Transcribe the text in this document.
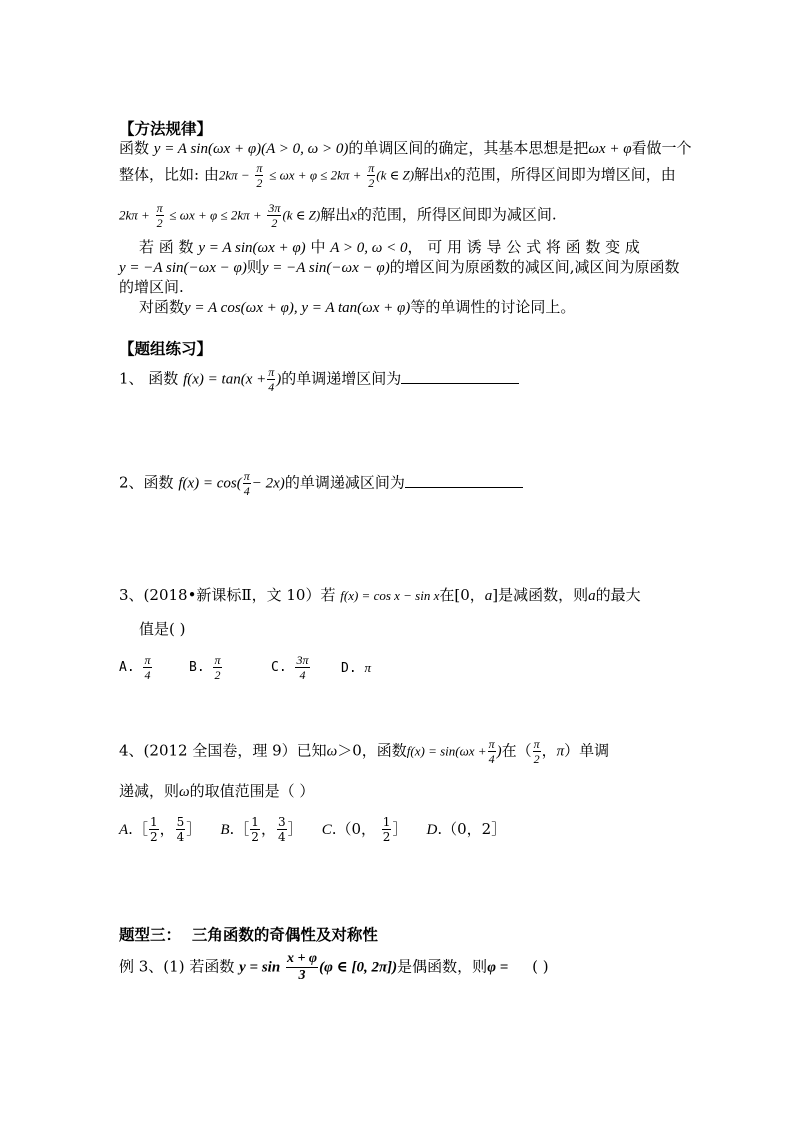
【方法规律】
函数 y = A sin(ωx + φ)(A > 0, ω > 0)的单调区间的确定，其基本思想是把ωx + φ看做一个
整体，比如: 由$2k\pi - \frac{\pi}{2} \le \omega x + \varphi \le 2k\pi + \frac{\pi}{2} (k$ ∈ Z)解出x的范围，所得区间即为增区间，由
$2k\pi + \frac{\pi}{2} \le \omega x + \varphi \le 2k\pi + \frac{3\pi}{2} (k$ ∈ Z)解出x的范围，所得区间即为减区间.
若 函 数 y = A sin(ωx + φ) 中 A > 0, ω < 0， 可 用 诱 导 公 式 将 函 数 变 成
y = −A sin(−ωx − φ)则y = −A sin(−ωx − φ)的增区间为原函数的减区间,减区间为原函数
的增区间.
对函数y = A cos(ωx + φ), y = A tan(ωx + φ)等的单调性的讨论同上。
【题组练习】
1、 函数 $f(x) = \tan(x + \frac{\pi}{4}$ )的单调递增区间为
2、函数 $f(x) = \cos( \frac{\pi}{4} - 2x)$的单调递减区间为
3、(2018•新课标Ⅱ，文 10）若 f(x) = cos x − sin x在[0，a]是减函数，则a的最大
值是( )
A. $\frac{\pi}{4}$	B. $\frac{\pi}{2}$	C. $\frac{3\pi}{4} D$. π
4、(2012 全国卷，理 9）已知ω＞0，函数$f(x) = \sin(\omega x + \frac{\pi}{4}$ )在（ $\frac{\pi}{2}$ ，π）单调
递减，则ω的取值范围是（ ）
A.［ $\frac{1}{2}$ ， $\frac{5}{4}$ ］ B.［ $\frac{1}{2}$ ， $\frac{3}{4}$ ］ C.（0， $\frac{1}{2}$ ］ D.（0，2］
题型三： 三角函数的奇偶性及对称性
例 3、(1) 若函数 $y = \sin \frac{x + \varphi}{3} (\varphi$ ∈ [0, 2π])是偶函数，则φ = ( )
